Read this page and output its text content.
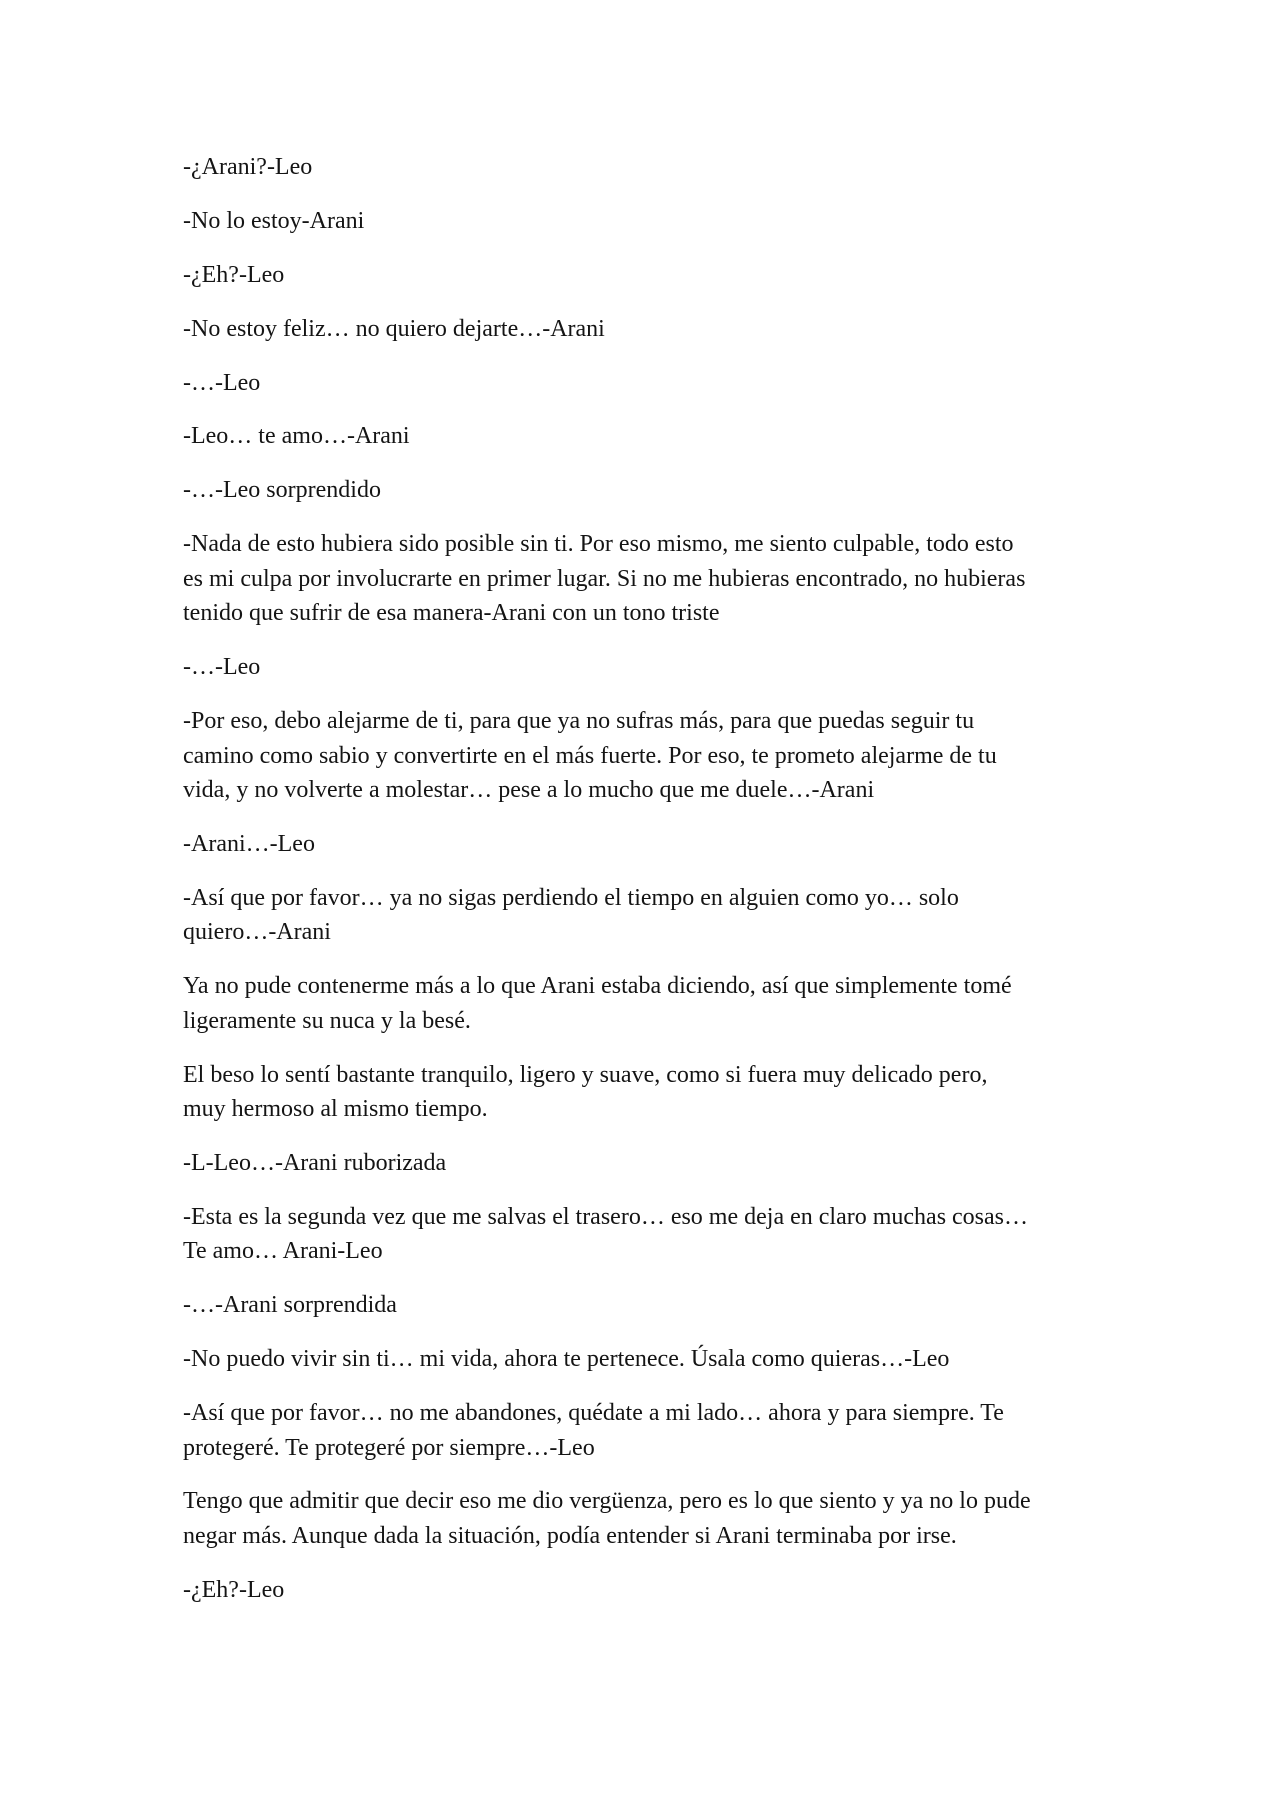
-¿Arani?-Leo

-No lo estoy-Arani

-¿Eh?-Leo

-No estoy feliz… no quiero dejarte…-Arani

-…-Leo

-Leo… te amo…-Arani

-…-Leo sorprendido

-Nada de esto hubiera sido posible sin ti. Por eso mismo, me siento culpable, todo esto
es mi culpa por involucrarte en primer lugar. Si no me hubieras encontrado, no hubieras
tenido que sufrir de esa manera-Arani con un tono triste

-…-Leo

-Por eso, debo alejarme de ti, para que ya no sufras más, para que puedas seguir tu
camino como sabio y convertirte en el más fuerte. Por eso, te prometo alejarme de tu
vida, y no volverte a molestar… pese a lo mucho que me duele…-Arani

-Arani…-Leo

-Así que por favor… ya no sigas perdiendo el tiempo en alguien como yo… solo
quiero…-Arani

Ya no pude contenerme más a lo que Arani estaba diciendo, así que simplemente tomé
ligeramente su nuca y la besé.

El beso lo sentí bastante tranquilo, ligero y suave, como si fuera muy delicado pero,
muy hermoso al mismo tiempo.

-L-Leo…-Arani ruborizada

-Esta es la segunda vez que me salvas el trasero… eso me deja en claro muchas cosas…
Te amo… Arani-Leo

-…-Arani sorprendida

-No puedo vivir sin ti… mi vida, ahora te pertenece. Úsala como quieras…-Leo

-Así que por favor… no me abandones, quédate a mi lado… ahora y para siempre. Te
protegeré. Te protegeré por siempre…-Leo

Tengo que admitir que decir eso me dio vergüenza, pero es lo que siento y ya no lo pude
negar más. Aunque dada la situación, podía entender si Arani terminaba por irse.

-¿Eh?-Leo
